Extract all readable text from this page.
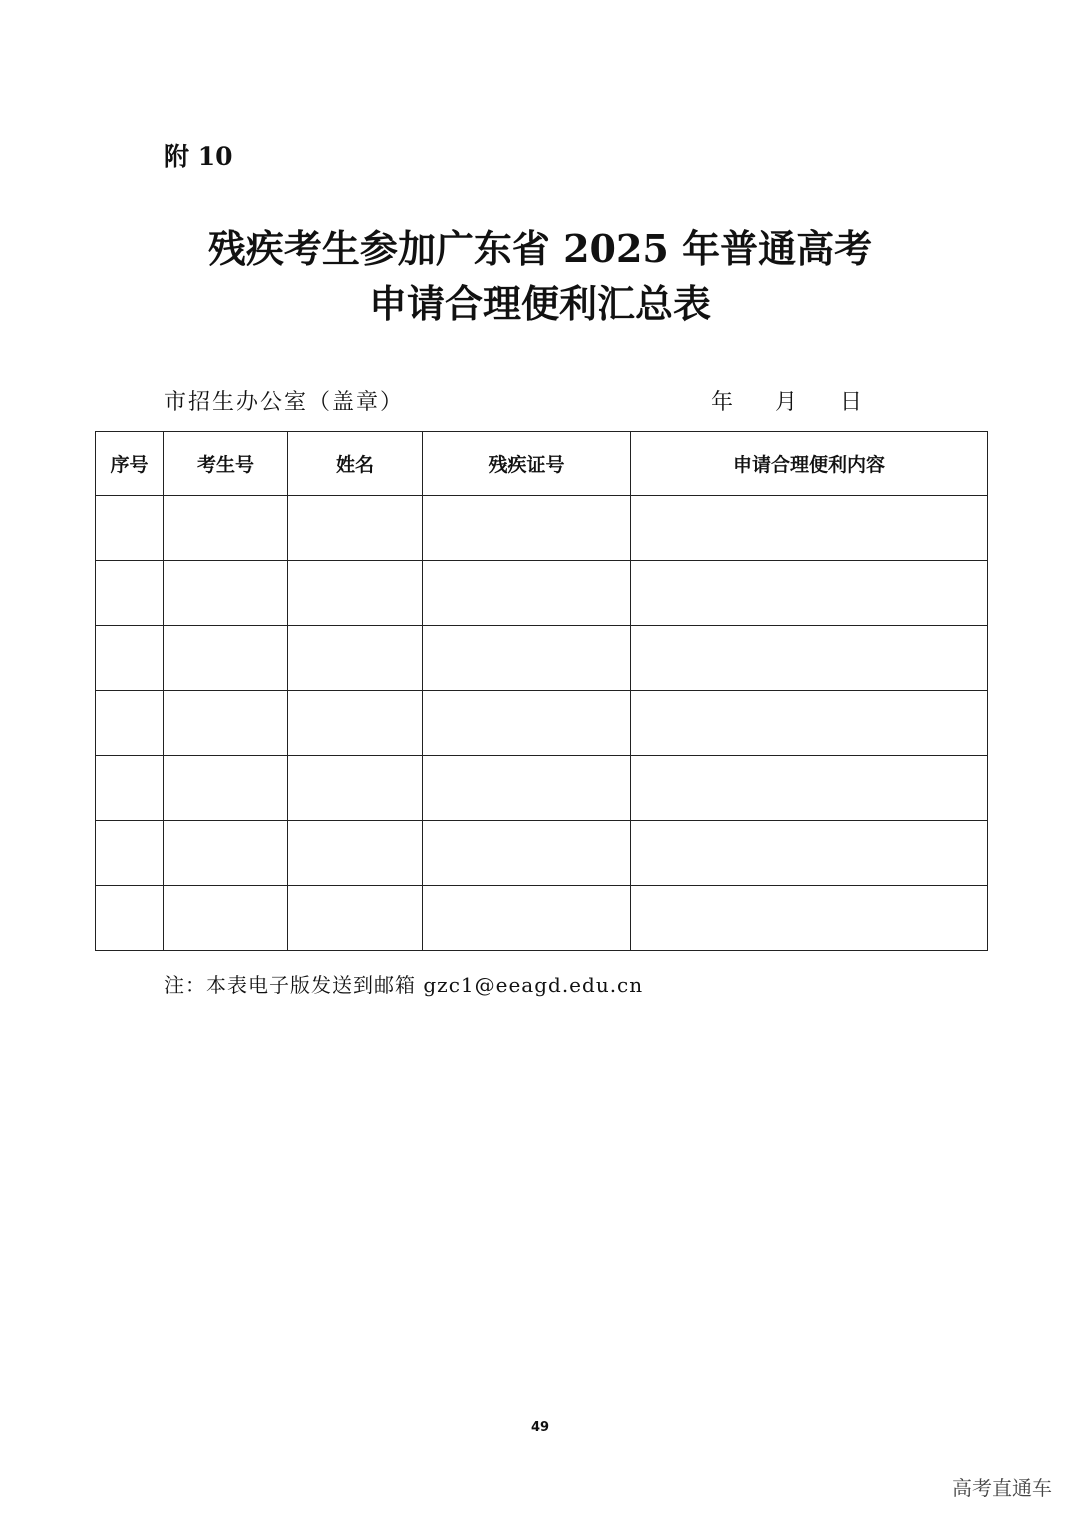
附 10
残疾考生参加广东省 2025 年普通高考
申请合理便利汇总表
市招生办公室（盖章）	年 月 日
序号	考生号	姓名	残疾证号	申请合理便利内容

注：本表电子版发送到邮箱 gzc1@eeagd.edu.cn
49
高考直通车
